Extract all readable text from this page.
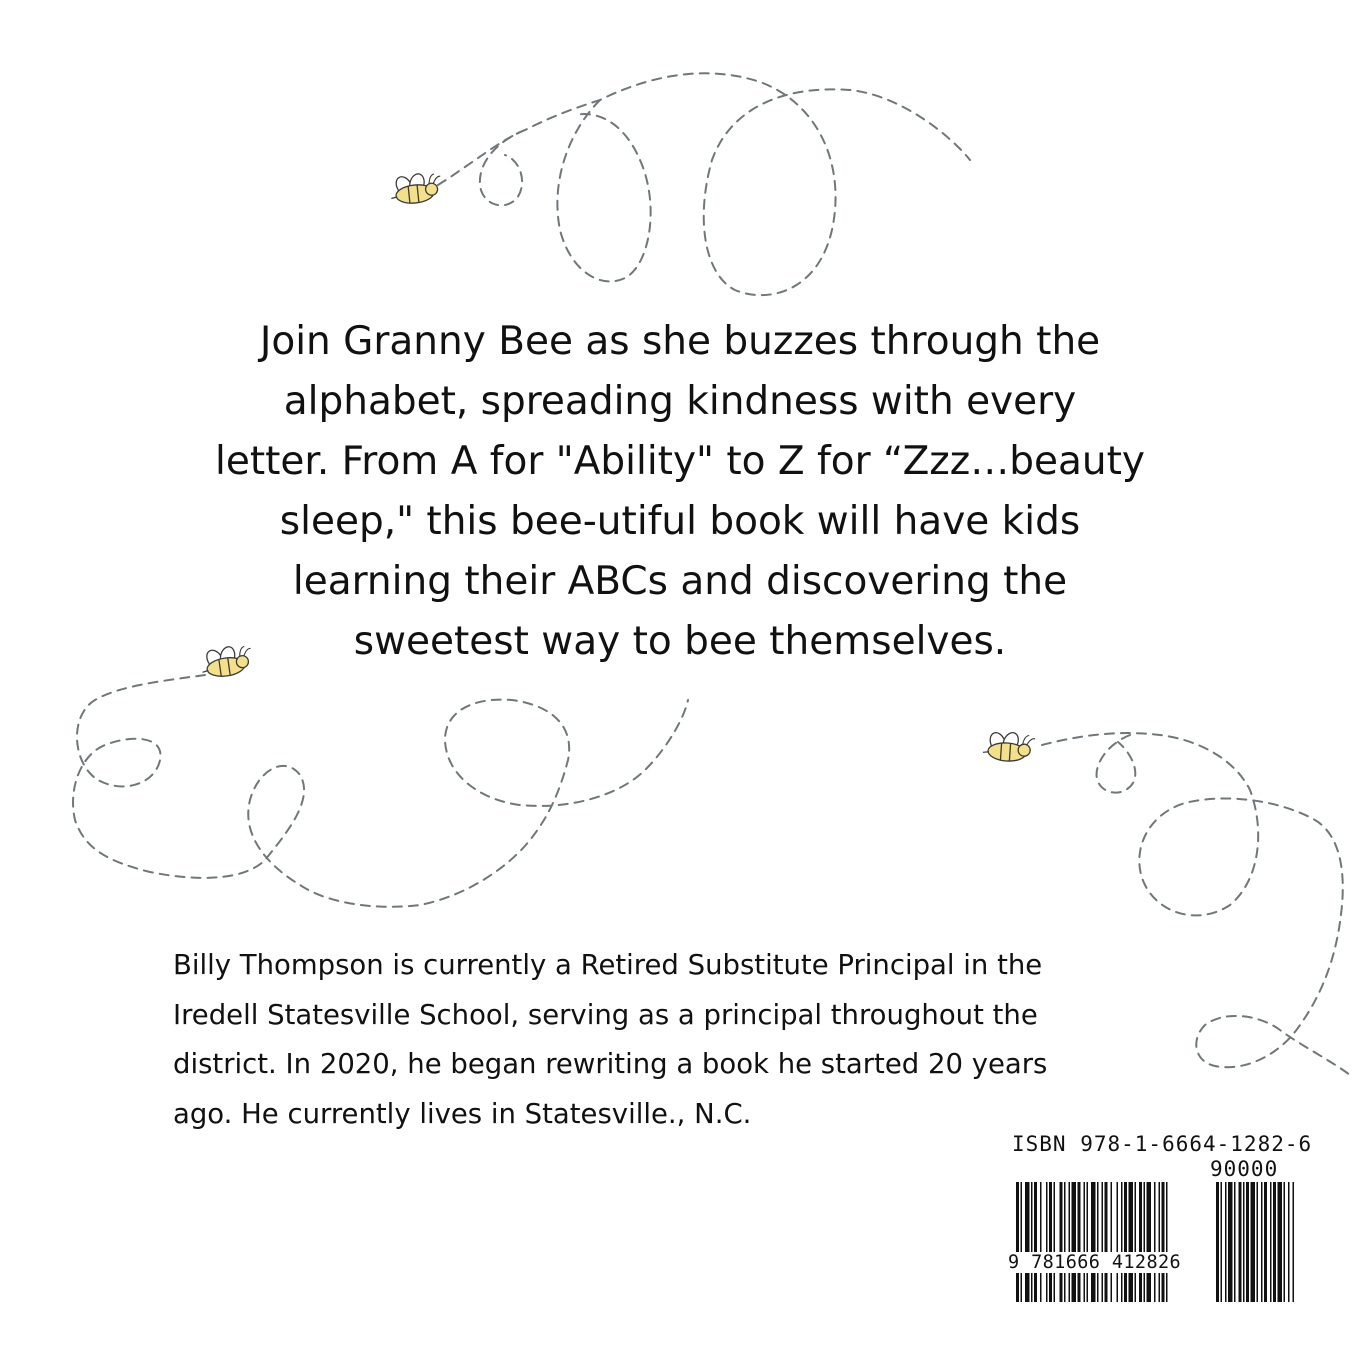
Join Granny Bee as she buzzes through the
alphabet, spreading kindness with every
letter. From A for "Ability" to Z for “Zzz…beauty
sleep," this bee-utiful book will have kids
learning their ABCs and discovering the
sweetest way to bee themselves.

Billy Thompson is currently a Retired Substitute Principal in the
Iredell Statesville School, serving as a principal throughout the
district. In 2020, he began rewriting a book he started 20 years
ago. He currently lives in Statesville., N.C.

ISBN 978-1-6664-1282-6
90000
9 781666 412826
